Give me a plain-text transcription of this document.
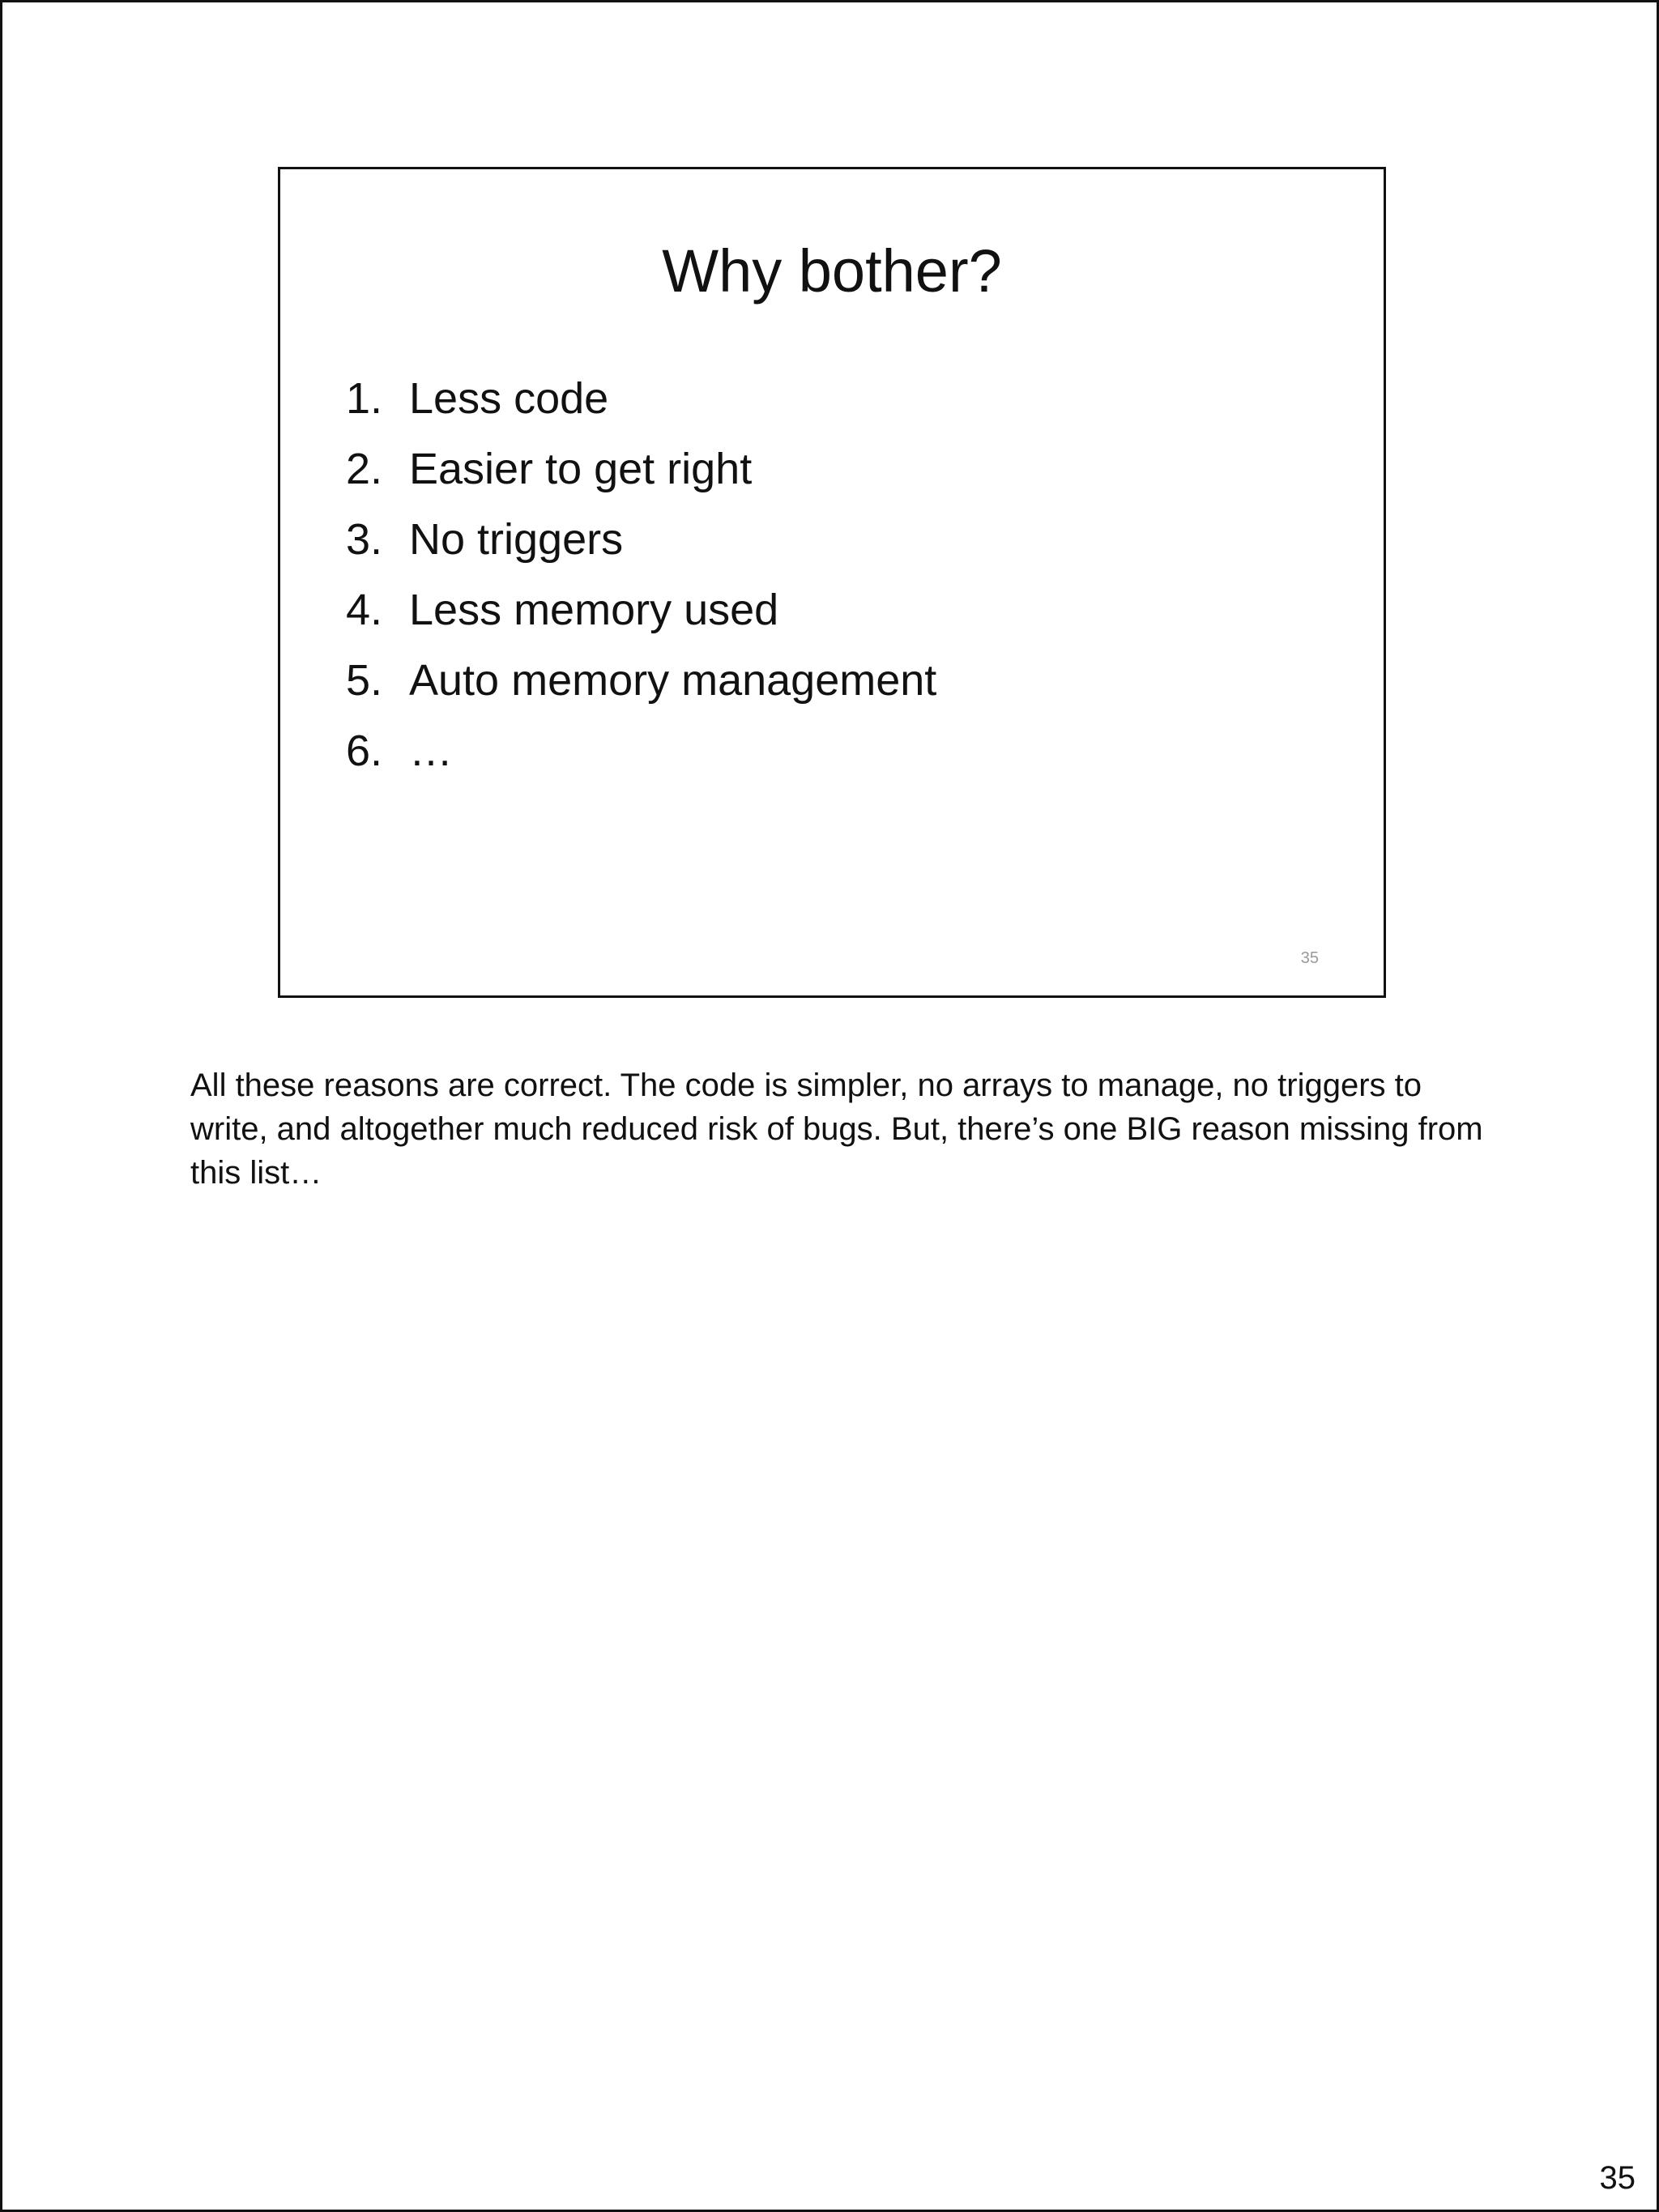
Why bother?
1. Less code
2. Easier to get right
3. No triggers
4. Less memory used
5. Auto memory management
6. …
35

All these reasons are correct. The code is simpler, no arrays to manage, no triggers to write, and altogether much reduced risk of bugs. But, there’s one BIG reason missing from this list…

35
